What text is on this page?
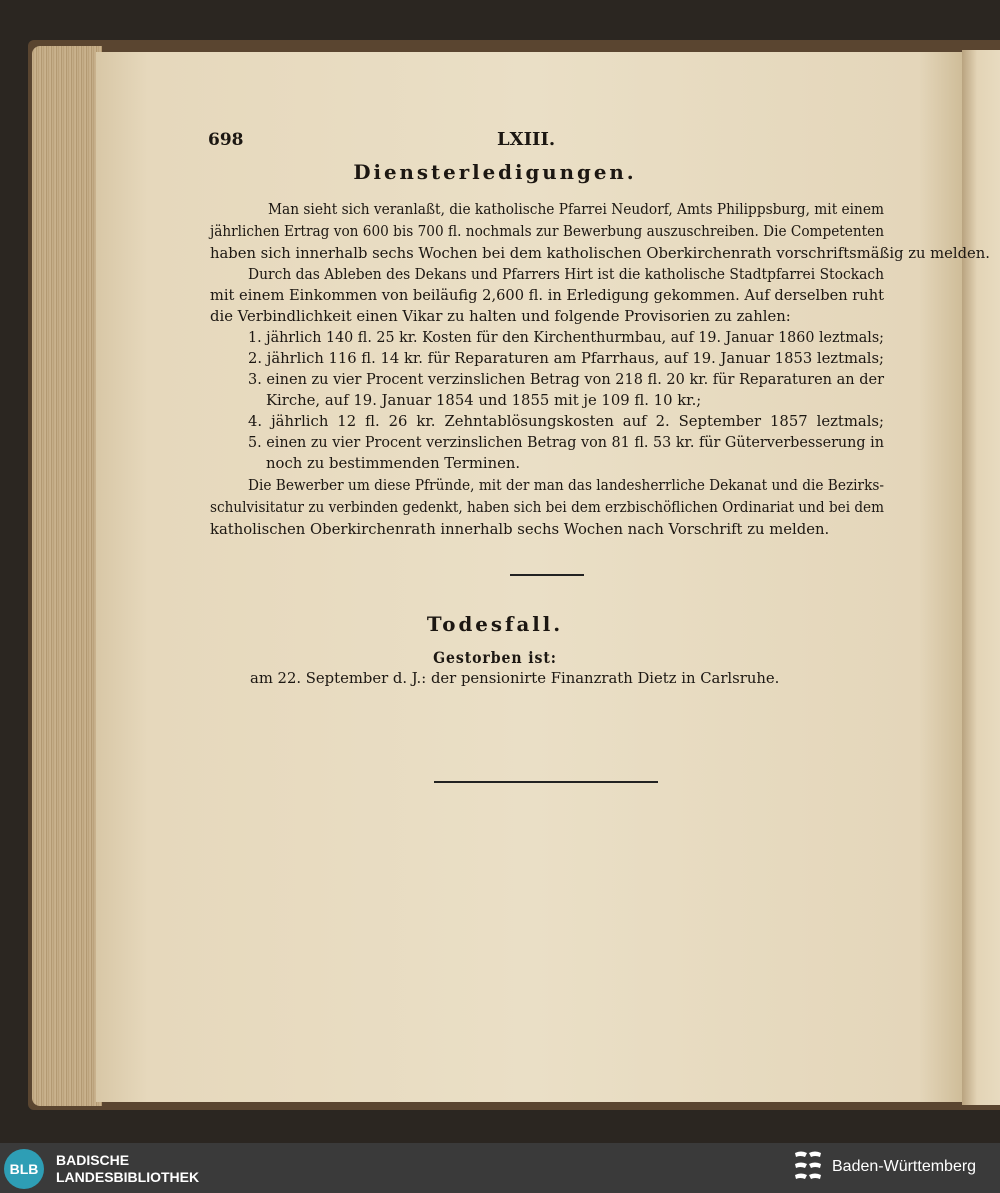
698	LXIII.
Diensterledigungen.
Man sieht sich veranlaßt, die katholische Pfarrei Neudorf, Amts Philippsburg, mit einem
jährlichen Ertrag von 600 bis 700 fl. nochmals zur Bewerbung auszuschreiben. Die Competenten
haben sich innerhalb sechs Wochen bei dem katholischen Oberkirchenrath vorschriftsmäßig zu melden.
Durch das Ableben des Dekans und Pfarrers Hirt ist die katholische Stadtpfarrei Stockach
mit einem Einkommen von beiläufig 2,600 fl. in Erledigung gekommen. Auf derselben ruht
die Verbindlichkeit einen Vikar zu halten und folgende Provisorien zu zahlen:
1. jährlich 140 fl. 25 kr. Kosten für den Kirchenthurmbau, auf 19. Januar 1860 leztmals;
2. jährlich 116 fl. 14 kr. für Reparaturen am Pfarrhaus, auf 19. Januar 1853 leztmals;
3. einen zu vier Procent verzinslichen Betrag von 218 fl. 20 kr. für Reparaturen an der
Kirche, auf 19. Januar 1854 und 1855 mit je 109 fl. 10 kr.;
4. jährlich 12 fl. 26 kr. Zehntablösungskosten auf 2. September 1857 leztmals;
5. einen zu vier Procent verzinslichen Betrag von 81 fl. 53 kr. für Güterverbesserung in
noch zu bestimmenden Terminen.
Die Bewerber um diese Pfründe, mit der man das landesherrliche Dekanat und die Bezirks-
schulvisitatur zu verbinden gedenkt, haben sich bei dem erzbischöflichen Ordinariat und bei dem
katholischen Oberkirchenrath innerhalb sechs Wochen nach Vorschrift zu melden.
Todesfall.
Gestorben ist:
am 22. September d. J.: der pensionirte Finanzrath Dietz in Carlsruhe.
BLB
BADISCHE
LANDESBIBLIOTHEK
Baden-Württemberg
